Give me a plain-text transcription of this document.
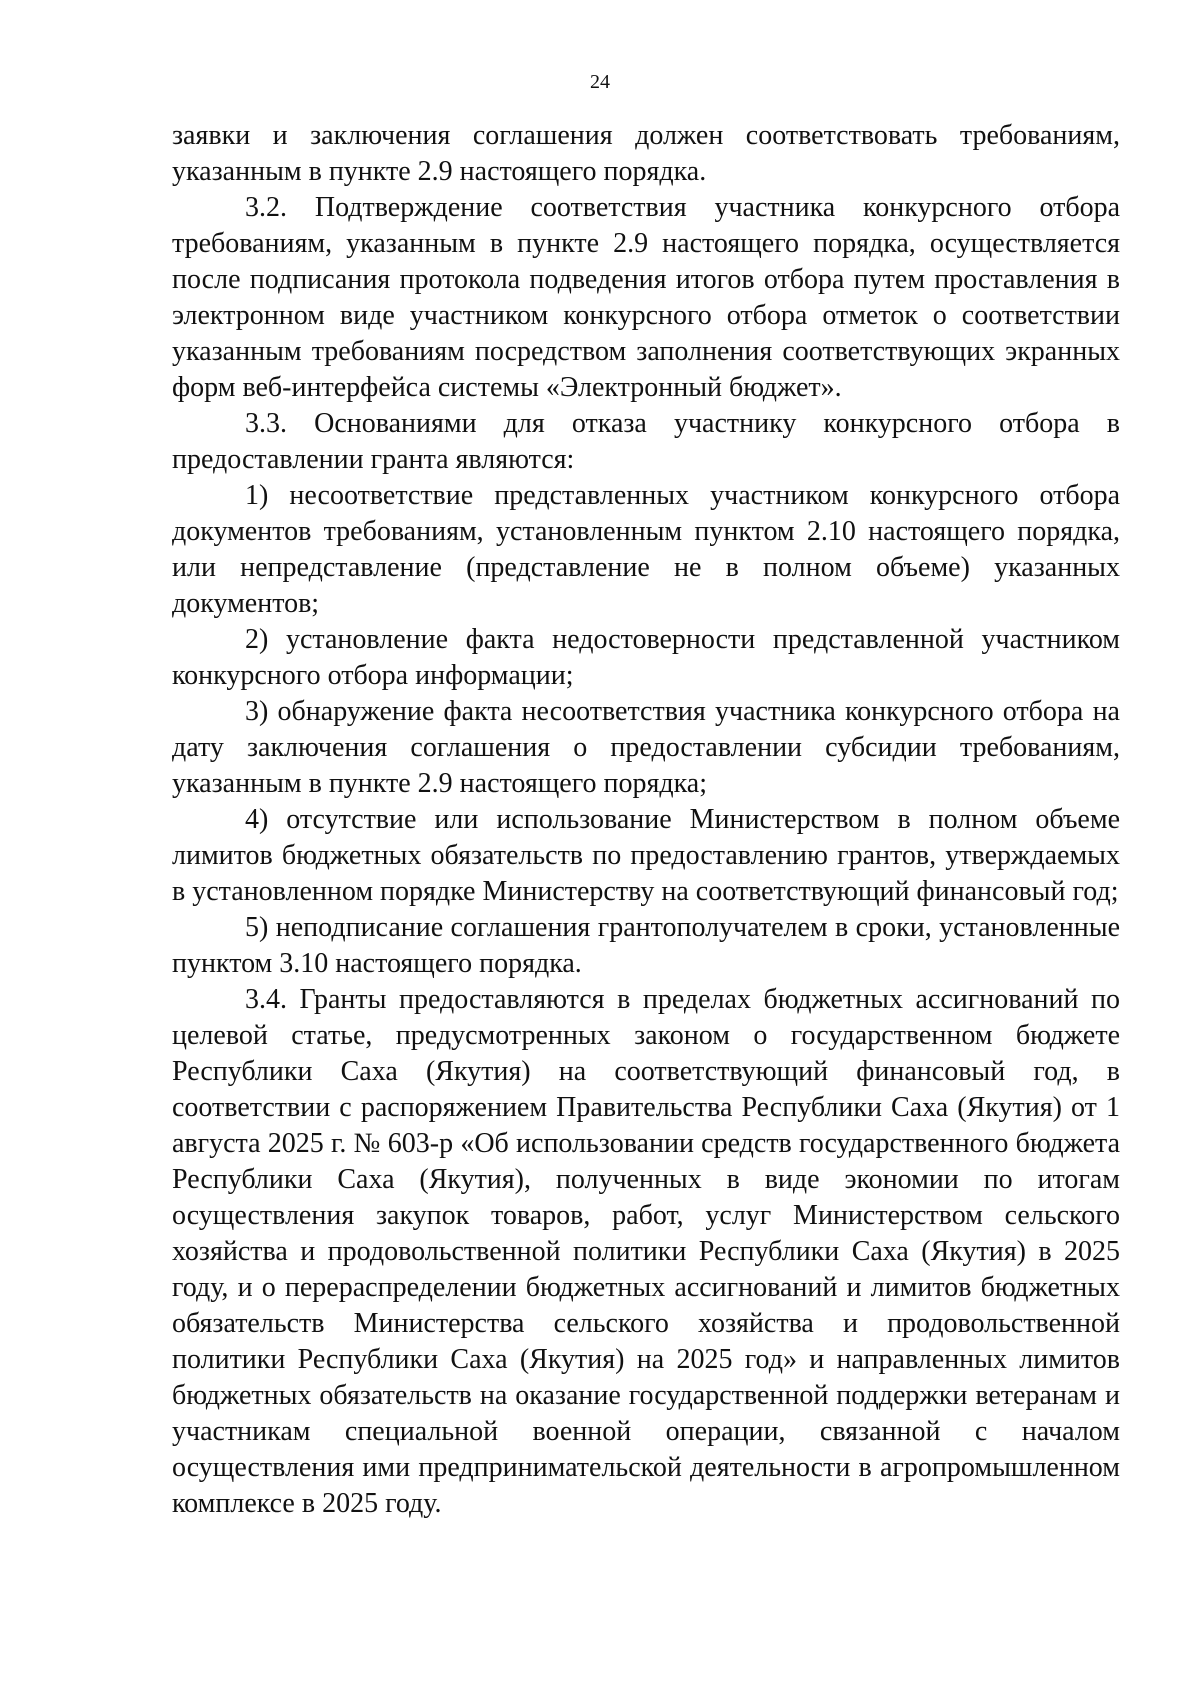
24

заявки и заключения соглашения должен соответствовать требованиям, указанным в пункте 2.9 настоящего порядка.

3.2. Подтверждение соответствия участника конкурсного отбора требованиям, указанным в пункте 2.9 настоящего порядка, осуществляется после подписания протокола подведения итогов отбора путем проставления в электронном виде участником конкурсного отбора отметок о соответствии указанным требованиям посредством заполнения соответствующих экранных форм веб-интерфейса системы «Электронный бюджет».

3.3. Основаниями для отказа участнику конкурсного отбора в предоставлении гранта являются:

1) несоответствие представленных участником конкурсного отбора документов требованиям, установленным пунктом 2.10 настоящего порядка, или непредставление (представление не в полном объеме) указанных документов;

2) установление факта недостоверности представленной участником конкурсного отбора информации;

3) обнаружение факта несоответствия участника конкурсного отбора на дату заключения соглашения о предоставлении субсидии требованиям, указанным в пункте 2.9 настоящего порядка;

4) отсутствие или использование Министерством в полном объеме лимитов бюджетных обязательств по предоставлению грантов, утверждаемых в установленном порядке Министерству на соответствующий финансовый год;

5) неподписание соглашения грантополучателем в сроки, установленные пунктом 3.10 настоящего порядка.

3.4. Гранты предоставляются в пределах бюджетных ассигнований по целевой статье, предусмотренных законом о государственном бюджете Республики Саха (Якутия) на соответствующий финансовый год, в соответствии с распоряжением Правительства Республики Саха (Якутия) от 1 августа 2025 г. № 603-р «Об использовании средств государственного бюджета Республики Саха (Якутия), полученных в виде экономии по итогам осуществления закупок товаров, работ, услуг Министерством сельского хозяйства и продовольственной политики Республики Саха (Якутия) в 2025 году, и о перераспределении бюджетных ассигнований и лимитов бюджетных обязательств Министерства сельского хозяйства и продовольственной политики Республики Саха (Якутия) на 2025 год» и направленных лимитов бюджетных обязательств на оказание государственной поддержки ветеранам и участникам специальной военной операции, связанной с началом осуществления ими предпринимательской деятельности в агропромышленном комплексе в 2025 году.
